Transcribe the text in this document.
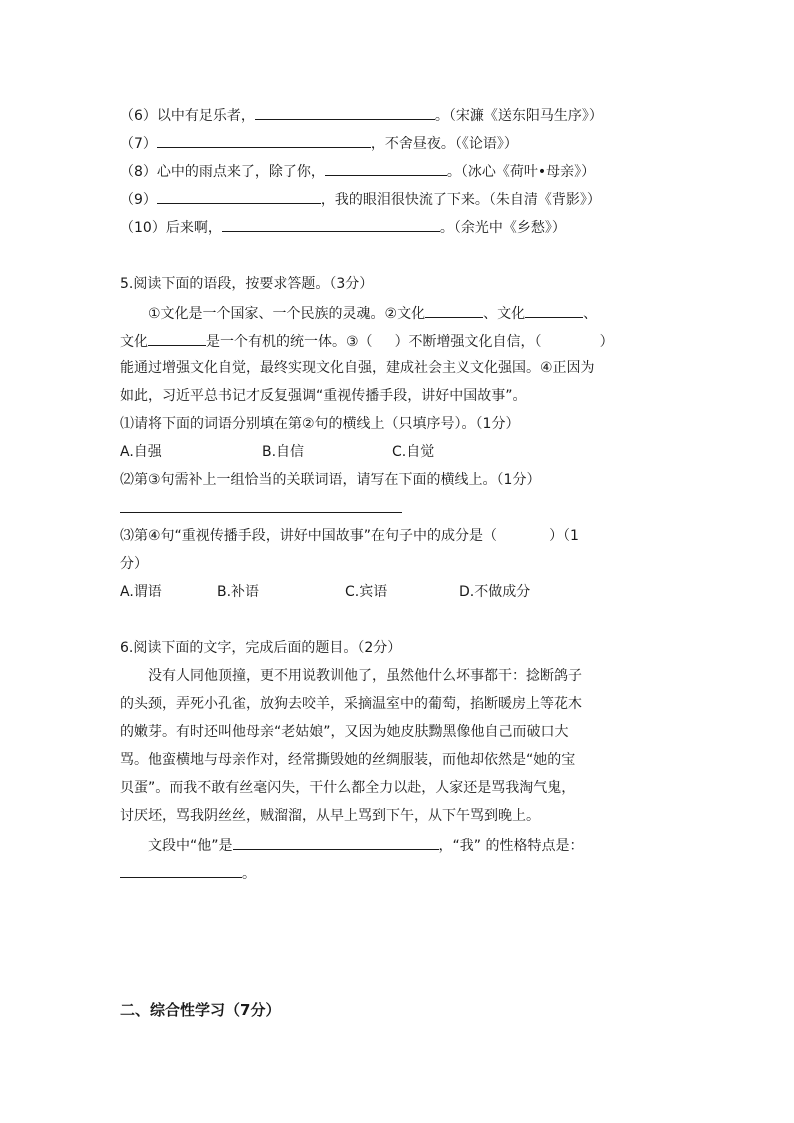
（6）以中有足乐者，	。（宋濂《送东阳马生序》）
（7）	，不舍昼夜。（《论语》）
（8）心中的雨点来了，除了你，	。（冰心《荷叶•母亲》）
（9）	，我的眼泪很快流了下来。（朱自清《背影》）
（10）后来啊，	。（余光中《乡愁》）
5.阅读下面的语段，按要求答题。（3分）
①文化是一个国家、一个民族的灵魂。②文化	、文化	、
文化	是一个有机的统一体。③（ ）不断增强文化自信，（	）
能通过增强文化自觉，最终实现文化自强，建成社会主义文化强国。④正因为
如此，习近平总书记才反复强调“重视传播手段，讲好中国故事”。
⑴请将下面的词语分别填在第②句的横线上（只填序号）。（1分）
A.自强	B.自信	C.自觉
⑵第③句需补上一组恰当的关联词语，请写在下面的横线上。（1分）
⑶第④句“重视传播手段，讲好中国故事”在句子中的成分是（	）（1
分）
A.谓语	B.补语	C.宾语	D.不做成分
6.阅读下面的文字，完成后面的题目。（2分）
没有人同他顶撞，更不用说教训他了，虽然他什么坏事都干：捻断鸽子
的头颈，弄死小孔雀，放狗去咬羊，采摘温室中的葡萄，掐断暖房上等花木
的嫩芽。有时还叫他母亲“老姑娘”，又因为她皮肤黝黑像他自己而破口大
骂。他蛮横地与母亲作对，经常撕毁她的丝绸服装，而他却依然是“她的宝
贝蛋”。而我不敢有丝毫闪失，干什么都全力以赴，人家还是骂我淘气鬼，
讨厌坯，骂我阴丝丝，贼溜溜，从早上骂到下午，从下午骂到晚上。
文段中“他”是	，“我” 的性格特点是：
。
二、综合性学习（7分）
